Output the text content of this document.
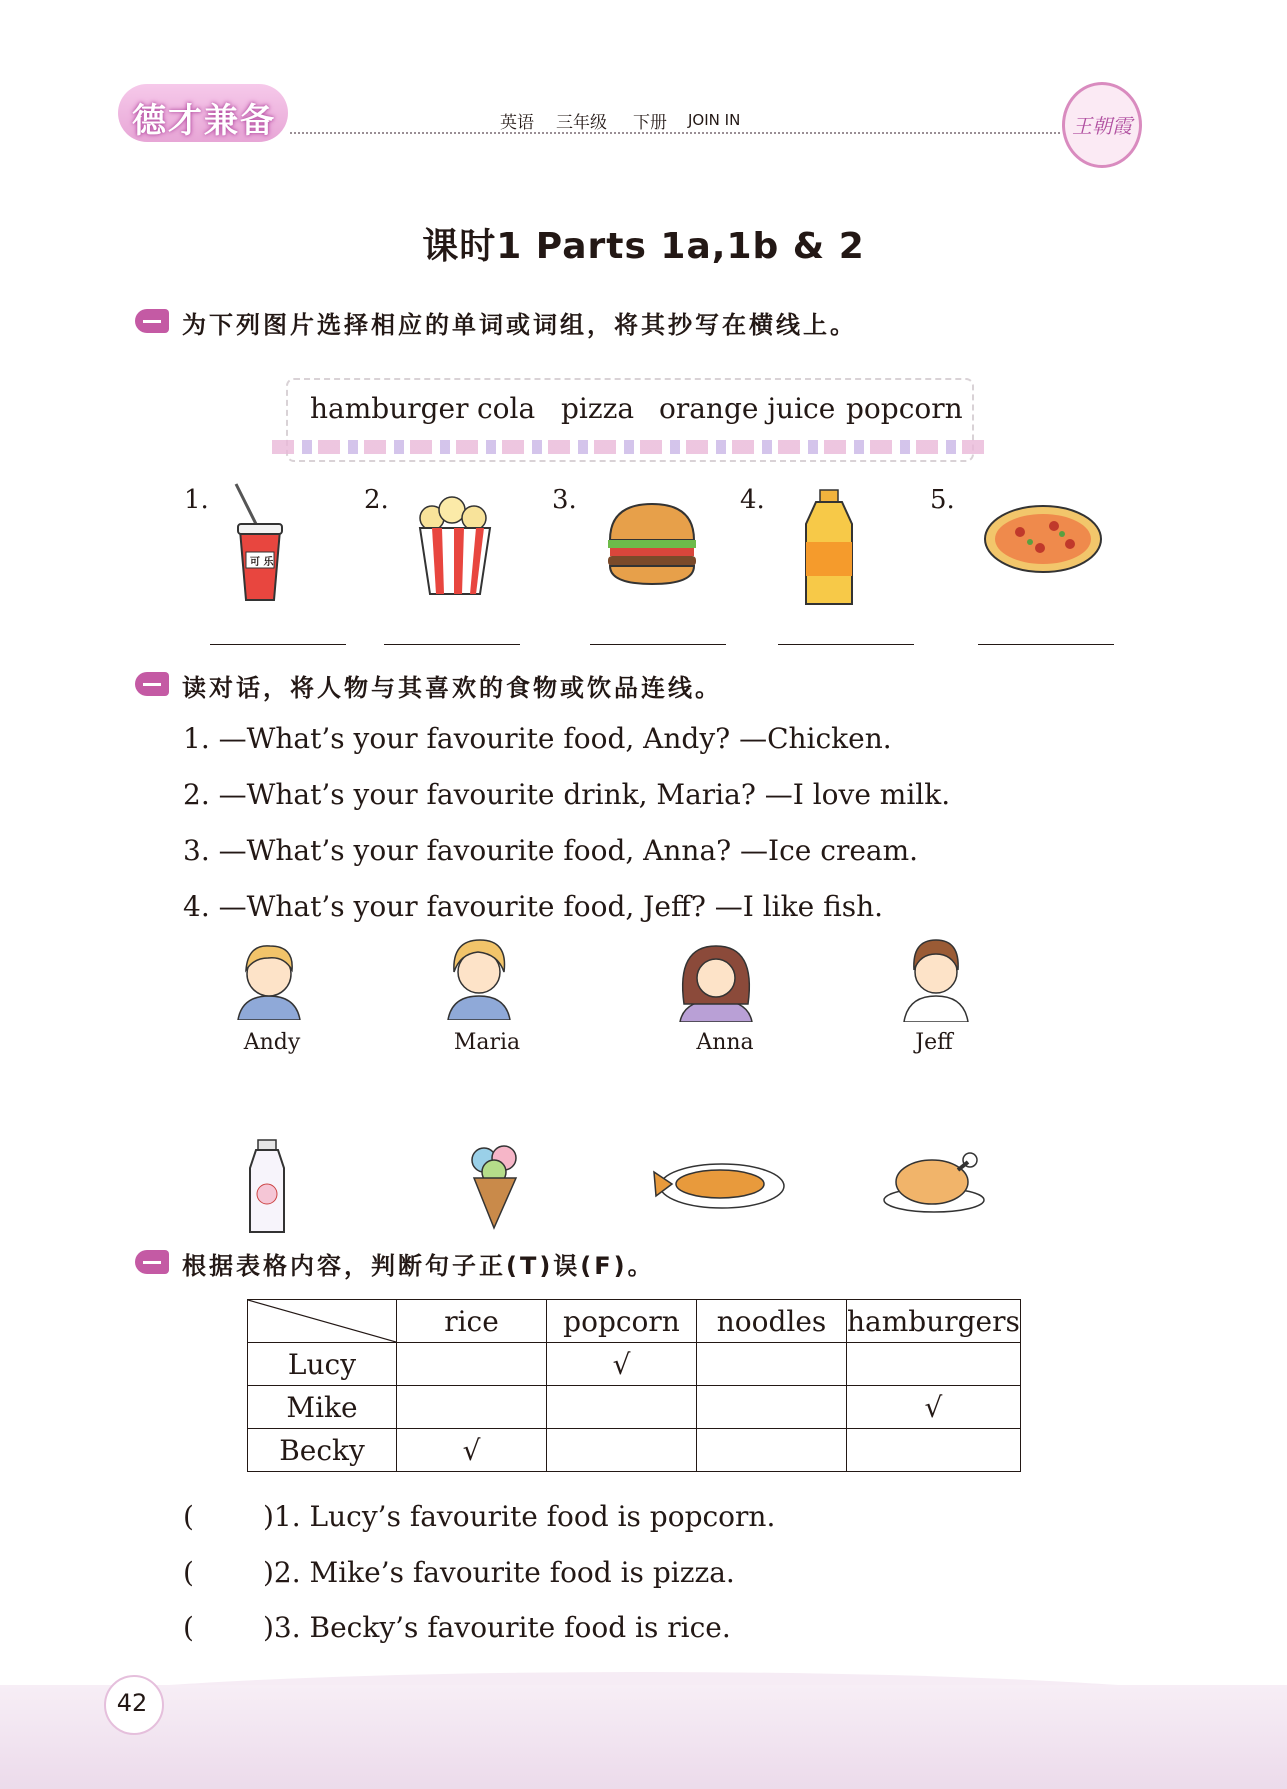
德才兼备	英语 三年级 下册 JOIN IN	王朝霞
课时1 Parts 1a,1b & 2
为下列图片选择相应的单词或词组，将其抄写在横线上。
hamburger cola pizza orange juice popcorn
1.	2.	3.	4.	5.
可 乐
读对话，将人物与其喜欢的食物或饮品连线。
1. —What’s your favourite food, Andy? —Chicken.
2. —What’s your favourite drink, Maria? —I love milk.
3. —What’s your favourite food, Anna? —Ice cream.
4. —What’s your favourite food, Jeff? —I like fish.
Andy	Maria	Anna	Jeff
根据表格内容，判断句子正(T)误(F)。
	rice	popcorn	noodles	hamburgers
Lucy		√		
Mike				√
Becky	√			
( )1. Lucy’s favourite food is popcorn.
( )2. Mike’s favourite food is pizza.
( )3. Becky’s favourite food is rice.
42
